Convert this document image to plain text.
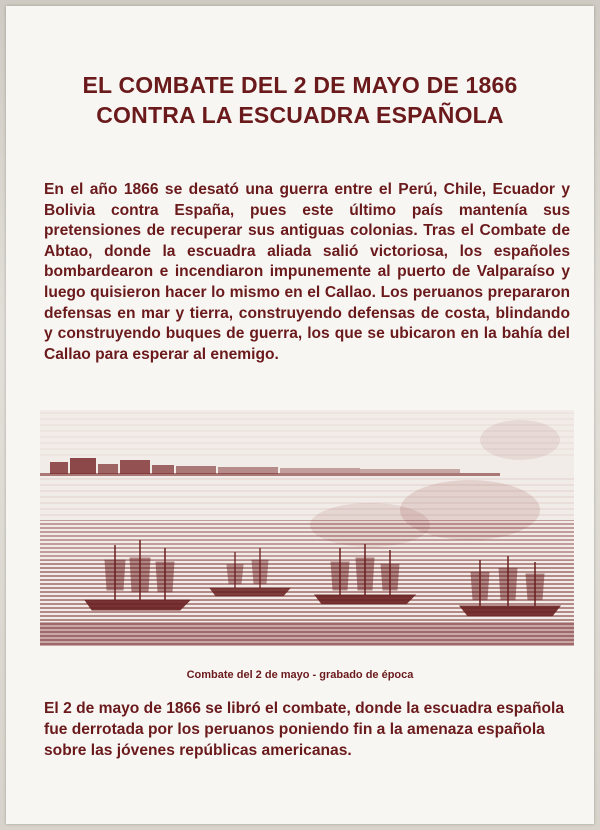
EL COMBATE DEL 2 DE MAYO DE 1866
CONTRA LA ESCUADRA ESPAÑOLA
En el año 1866 se desató una guerra entre el Perú, Chile, Ecuador y Bolivia contra España, pues este último país mantenía sus pretensiones de recuperar sus antiguas colonias. Tras el Combate de Abtao, donde la escuadra aliada salió victoriosa, los españoles bombardearon e incendiaron impunemente al puerto de Valparaíso y luego quisieron hacer lo mismo en el Callao. Los peruanos prepararon defensas en mar y tierra, construyendo defensas de costa, blindando y construyendo buques de guerra, los que se ubicaron en la bahía del Callao para esperar al enemigo.
Combate del 2 de mayo - grabado de época
El 2 de mayo de 1866 se libró el combate, donde la escuadra española fue derrotada por los peruanos poniendo fin a la amenaza española sobre las jóvenes repúblicas americanas.
